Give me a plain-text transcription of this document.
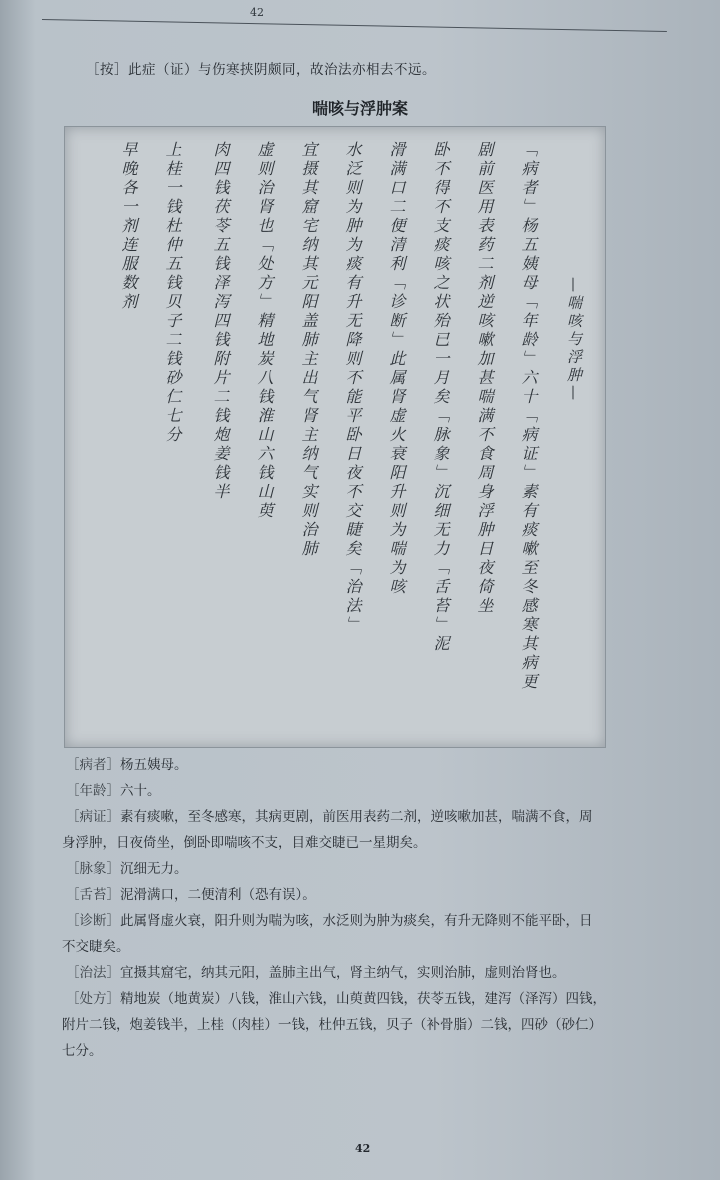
42
［按］此症（证）与伤寒挟阴颇同，故治法亦相去不远。
喘咳与浮肿案
—喘咳与浮肿—
「病者」杨五姨母「年龄」六十「病证」素有痰嗽至冬感寒其病更
剧前医用表药二剂逆咳嗽加甚喘满不食周身浮肿日夜倚坐
卧不得不支痰咳之状殆已一月矣「脉象」沉细无力「舌苔」泥
滑满口二便清利「诊断」此属肾虚火衰阳升则为喘为咳
水泛则为肿为痰有升无降则不能平卧日夜不交睫矣「治法」
宜摄其窟宅纳其元阳盖肺主出气肾主纳气实则治肺
虚则治肾也「处方」精地炭八钱淮山六钱山萸
肉四钱茯苓五钱泽泻四钱附片二钱炮姜钱半
上桂一钱杜仲五钱贝子二钱砂仁七分
早晚各一剂连服数剂
［病者］杨五姨母。
［年龄］六十。
［病证］素有痰嗽，至冬感寒，其病更剧，前医用表药二剂，逆咳嗽加甚，喘满不食，周
身浮肿，日夜倚坐，倒卧即喘咳不支，目难交睫已一星期矣。
［脉象］沉细无力。
［舌苔］泥滑满口，二便清利（恐有误）。
［诊断］此属肾虚火衰，阳升则为喘为咳，水泛则为肿为痰矣，有升无降则不能平卧，日
不交睫矣。
［治法］宜摄其窟宅，纳其元阳，盖肺主出气，肾主纳气，实则治肺，虚则治肾也。
［处方］精地炭（地黄炭）八钱，淮山六钱，山萸黄四钱，茯苓五钱，建泻（泽泻）四钱，
附片二钱，炮姜钱半，上桂（肉桂）一钱，杜仲五钱，贝子（补骨脂）二钱，四砂（砂仁）
七分。
42
